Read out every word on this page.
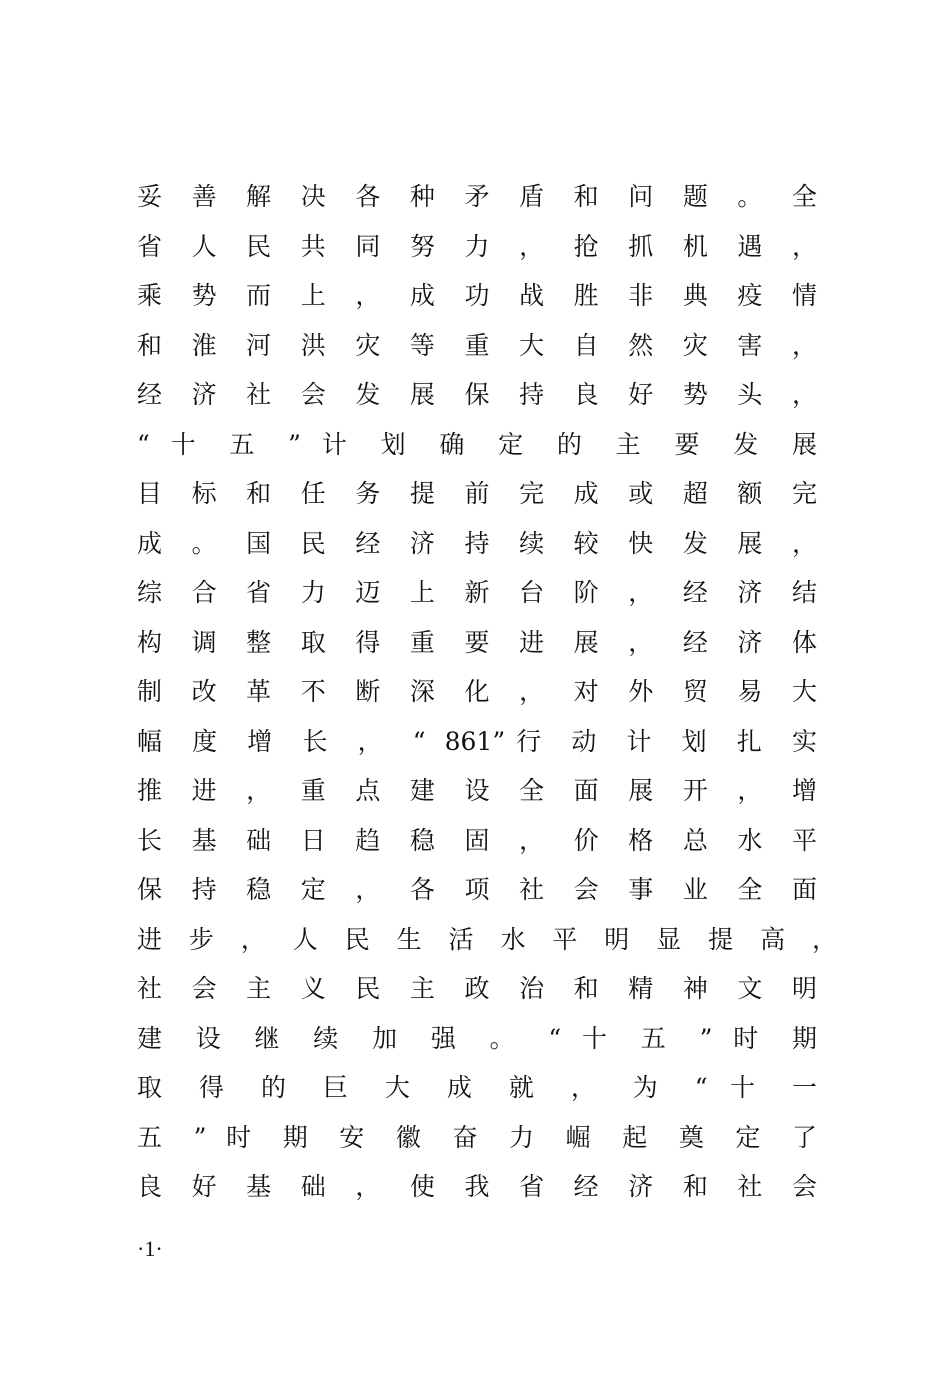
妥 善 解 决 各 种 矛 盾 和 问 题 。 全
省 人 民 共 同 努 力 ， 抢 抓 机 遇 ，
乘 势 而 上 ， 成 功 战 胜 非 典 疫 情
和 淮 河 洪 灾 等 重 大 自 然 灾 害 ，
经 济 社 会 发 展 保 持 良 好 势 头 ，
“ 十 五 ” 计 划 确 定 的 主 要 发 展
目 标 和 任 务 提 前 完 成 或 超 额 完
成 。 国 民 经 济 持 续 较 快 发 展 ，
综 合 省 力 迈 上 新 台 阶 ， 经 济 结
构 调 整 取 得 重 要 进 展 ， 经 济 体
制 改 革 不 断 深 化 ， 对 外 贸 易 大
幅 度 增 长 ， “ 861”行 动 计 划 扎 实
推 进 ， 重 点 建 设 全 面 展 开 ， 增
长 基 础 日 趋 稳 固 ， 价 格 总 水 平
保 持 稳 定 ， 各 项 社 会 事 业 全 面
进 步 ， 人 民 生 活 水 平 明 显 提 高 ，
社 会 主 义 民 主 政 治 和 精 神 文 明
建 设 继 续 加 强 。 “ 十 五 ” 时 期
取 得 的 巨 大 成 就 ， 为 “ 十 一
五 ” 时 期 安 徽 奋 力 崛 起 奠 定 了
良 好 基 础 ， 使 我 省 经 济 和 社 会
·1·
